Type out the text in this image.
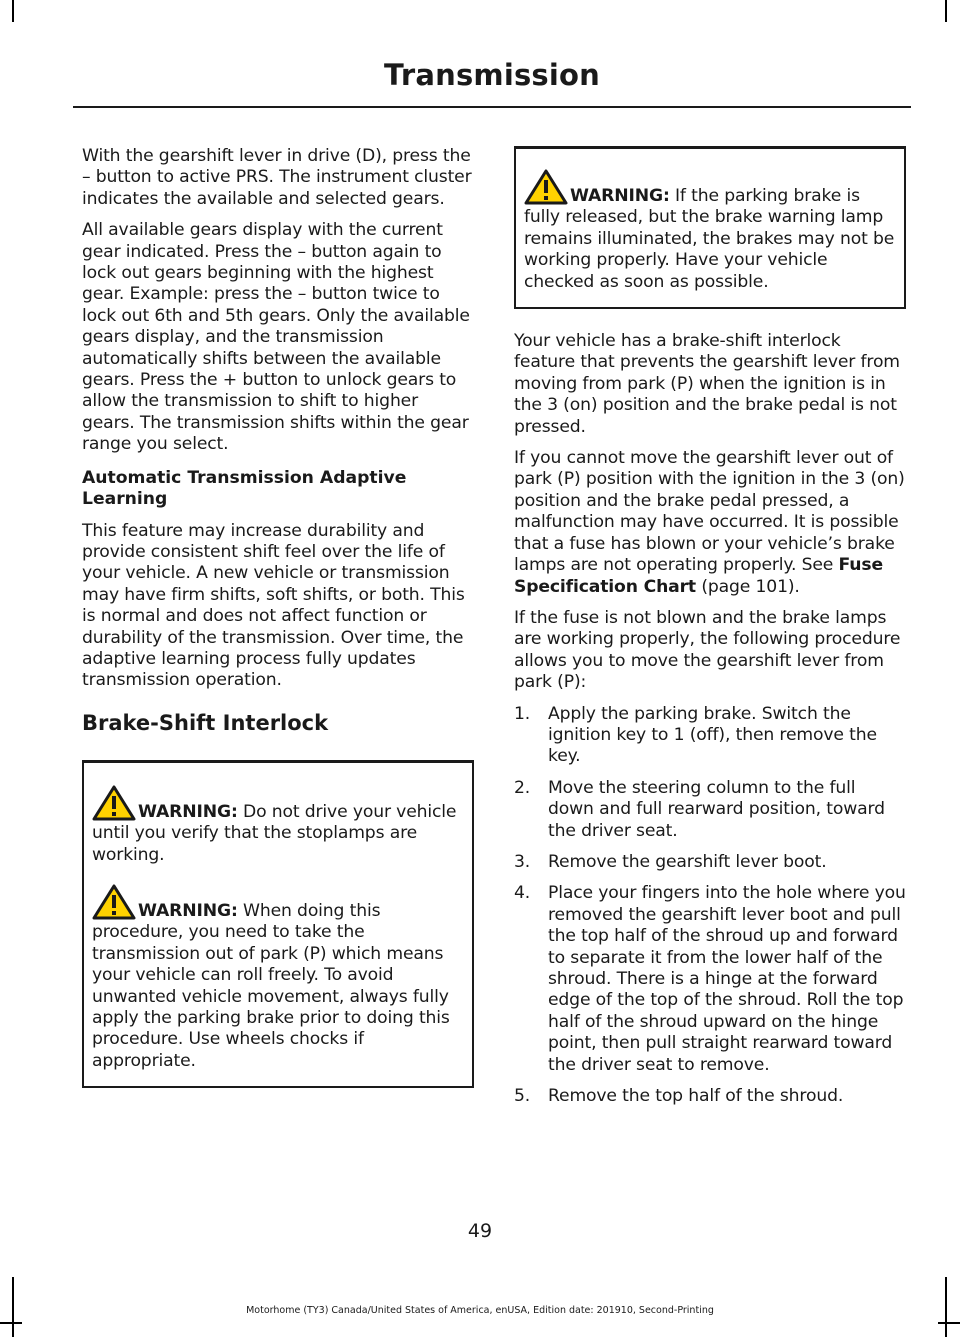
Transmission

With the gearshift lever in drive (D), press the – button to active PRS. The instrument cluster indicates the available and selected gears.

All available gears display with the current gear indicated. Press the – button again to lock out gears beginning with the highest gear. Example: press the – button twice to lock out 6th and 5th gears. Only the available gears display, and the transmission automatically shifts between the available gears. Press the + button to unlock gears to allow the transmission to shift to higher gears. The transmission shifts within the gear range you select.

Automatic Transmission Adaptive Learning

This feature may increase durability and provide consistent shift feel over the life of your vehicle. A new vehicle or transmission may have firm shifts, soft shifts, or both. This is normal and does not affect function or durability of the transmission. Over time, the adaptive learning process fully updates transmission operation.

Brake-Shift Interlock

WARNING: Do not drive your vehicle until you verify that the stoplamps are working.

WARNING: When doing this procedure, you need to take the transmission out of park (P) which means your vehicle can roll freely. To avoid unwanted vehicle movement, always fully apply the parking brake prior to doing this procedure. Use wheels chocks if appropriate.

WARNING: If the parking brake is fully released, but the brake warning lamp remains illuminated, the brakes may not be working properly. Have your vehicle checked as soon as possible.

Your vehicle has a brake-shift interlock feature that prevents the gearshift lever from moving from park (P) when the ignition is in the 3 (on) position and the brake pedal is not pressed.

If you cannot move the gearshift lever out of park (P) position with the ignition in the 3 (on) position and the brake pedal pressed, a malfunction may have occurred. It is possible that a fuse has blown or your vehicle’s brake lamps are not operating properly. See Fuse Specification Chart (page 101).

If the fuse is not blown and the brake lamps are working properly, the following procedure allows you to move the gearshift lever from park (P):

1. Apply the parking brake. Switch the ignition key to 1 (off), then remove the key.
2. Move the steering column to the full down and full rearward position, toward the driver seat.
3. Remove the gearshift lever boot.
4. Place your fingers into the hole where you removed the gearshift lever boot and pull the top half of the shroud up and forward to separate it from the lower half of the shroud. There is a hinge at the forward edge of the top of the shroud. Roll the top half of the shroud upward on the hinge point, then pull straight rearward toward the driver seat to remove.
5. Remove the top half of the shroud.
49
Motorhome (TY3) Canada/United States of America, enUSA, Edition date: 201910, Second-Printing
